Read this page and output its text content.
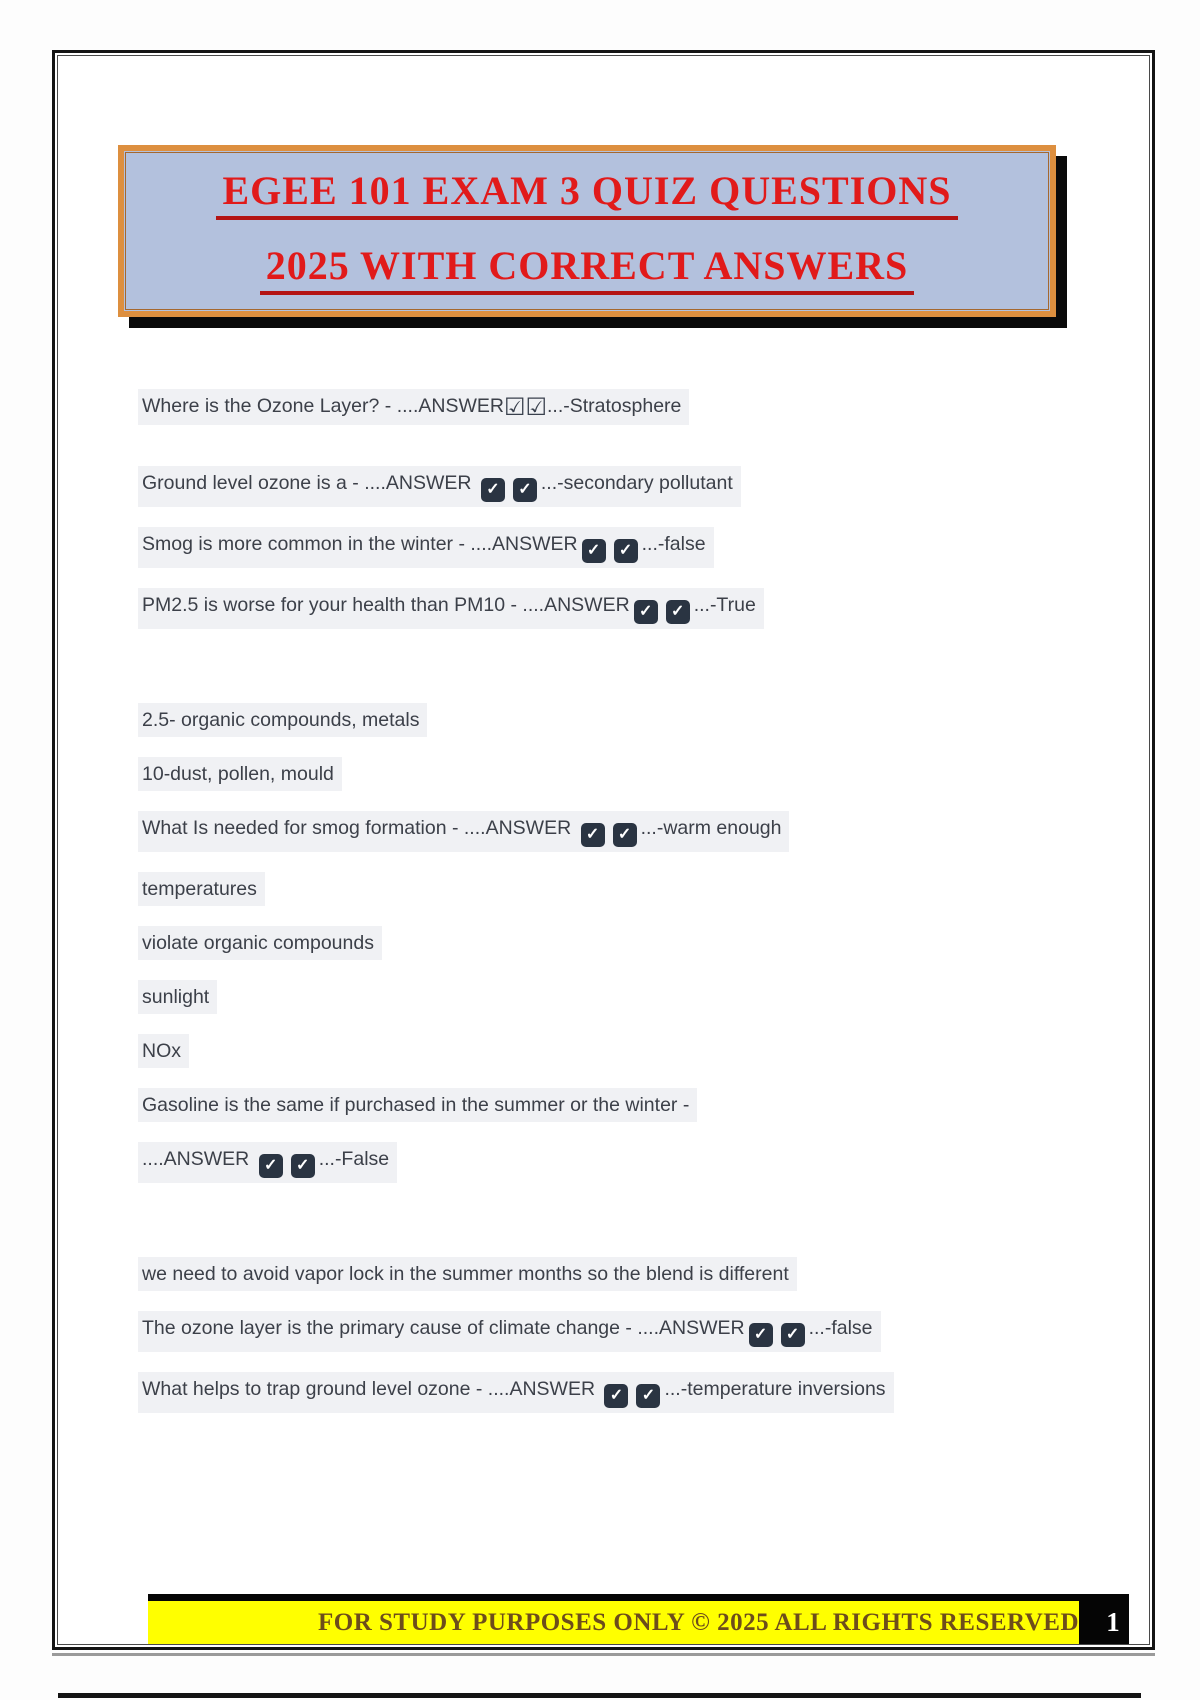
EGEE 101 EXAM 3 QUIZ QUESTIONS
2025 WITH CORRECT ANSWERS
Where is the Ozone Layer? - ....ANSWER☑☑...-Stratosphere
Ground level ozone is a - ....ANSWER ✓ ✓ ...-secondary pollutant
Smog is more common in the winter - ....ANSWER ✓ ✓ ...-false
PM2.5 is worse for your health than PM10 - ....ANSWER ✓ ✓ ...-True
2.5- organic compounds, metals
10-dust, pollen, mould
What Is needed for smog formation - ....ANSWER ✓ ✓ ...-warm enough
temperatures
violate organic compounds
sunlight
NOx
Gasoline is the same if purchased in the summer or the winter -
....ANSWER ✓ ✓ ...-False
we need to avoid vapor lock in the summer months so the blend is different
The ozone layer is the primary cause of climate change - ....ANSWER ✓ ✓ ...-false
What helps to trap ground level ozone - ....ANSWER ✓ ✓ ...-temperature inversions
FOR STUDY PURPOSES ONLY © 2025 ALL RIGHTS RESERVED	1
